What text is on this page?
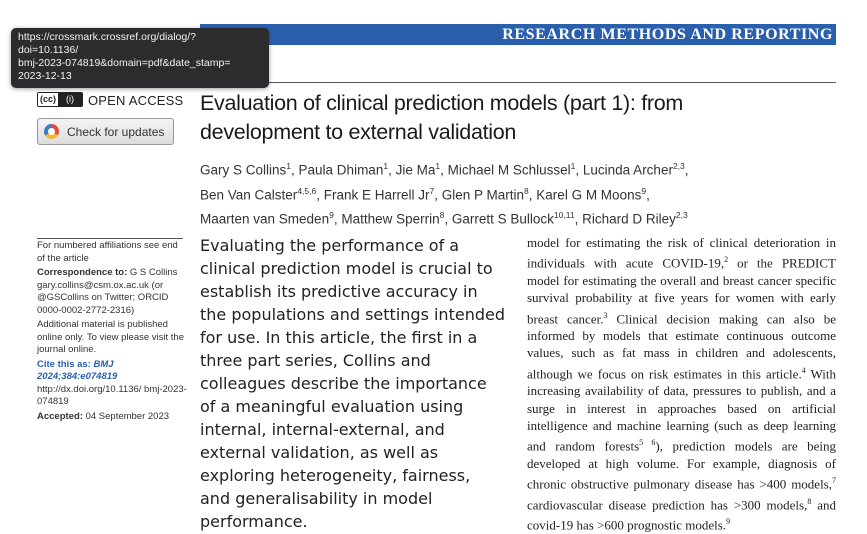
RESEARCH METHODS AND REPORTING
(cc)	(i)	OPEN ACCESS
Check for updates
Evaluation of clinical prediction models (part 1): from development to external validation
Gary S Collins$^1$, Paula Dhiman$^1$, Jie Ma$^1$, Michael M Schlussel$^1$, Lucinda Archer$^{2,3}$,
Ben Van Calster$^{4,5,6}$, Frank E Harrell Jr$^7$, Glen P Martin$^8$, Karel G M Moons$^9$,
Maarten van Smeden$^9$, Matthew Sperrin$^8$, Garrett S Bullock$^{10,11}$, Richard D Riley$^{2,3}$

For numbered affiliations see end of the article

Correspondence to: G S Collins gary.collins@csm.ox.ac.uk (or @GSCollins on Twitter; ORCID 0000-0002-2772-2316)

Additional material is published online only. To view please visit the journal online.

Cite this as: BMJ 2024;384:e074819
http://dx.doi.org/10.1136/ bmj-2023-074819

Accepted: 04 September 2023

Evaluating the performance of a clinical prediction model is crucial to establish its predictive accuracy in the populations and settings intended for use. In this article, the first in a three part series, Collins and colleagues describe the importance of a meaningful evaluation using internal, internal-external, and external validation, as well as exploring heterogeneity, fairness, and generalisability in model performance.
model for estimating the risk of clinical deterioration in individuals with acute COVID-19,$^2$ or the PREDICT model for estimating the overall and breast cancer specific survival probability at five years for women with early breast cancer.$^3$ Clinical decision making can also be informed by models that estimate continuous outcome values, such as fat mass in children and adolescents, although we focus on risk estimates in this article.$^4$ With increasing availability of data, pressures to publish, and a surge in interest in approaches based on artificial intelligence and machine learning (such as deep learning and random forests$^{5 6}$), prediction models are being developed at high volume. For example, diagnosis of chronic obstructive pulmonary disease has >400 models,$^7$ cardiovascular disease prediction has >300 models,$^8$ and covid-19 has >600 prognostic models.$^9$
https://crossmark.crossref.org/dialog/?
doi=10.1136/
bmj-2023-074819&domain=pdf&date_stamp=
2023-12-13
